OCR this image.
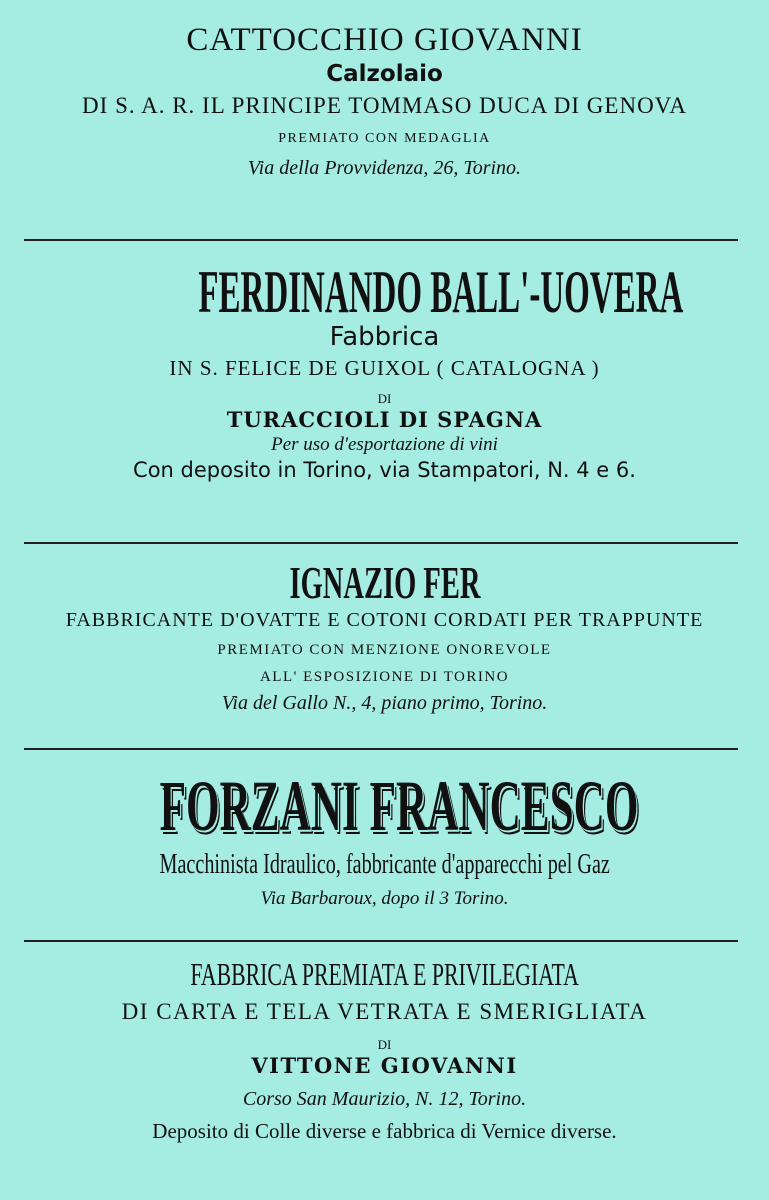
CATTOCCHIO GIOVANNI
Calzolaio
DI S. A. R. IL PRINCIPE TOMMASO DUCA DI GENOVA
PREMIATO CON MEDAGLIA
Via della Provvidenza, 26, Torino.
FERDINANDO BALL'-UOVERA
Fabbrica
IN S. FELICE DE GUIXOL ( CATALOGNA )
DI
TURACCIOLI DI SPAGNA
Per uso d'esportazione di vini
Con deposito in Torino, via Stampatori, N. 4 e 6.
IGNAZIO FER
FABBRICANTE D'OVATTE E COTONI CORDATI PER TRAPPUNTE
PREMIATO CON MENZIONE ONOREVOLE
ALL' ESPOSIZIONE DI TORINO
Via del Gallo N., 4, piano primo, Torino.
FORZANI FRANCESCO
Macchinista Idraulico, fabbricante d'apparecchi pel Gaz
Via Barbaroux, dopo il 3 Torino.
FABBRICA PREMIATA E PRIVILEGIATA
DI CARTA E TELA VETRATA E SMERIGLIATA
DI
VITTONE GIOVANNI
Corso San Maurizio, N. 12, Torino.
Deposito di Colle diverse e fabbrica di Vernice diverse.
